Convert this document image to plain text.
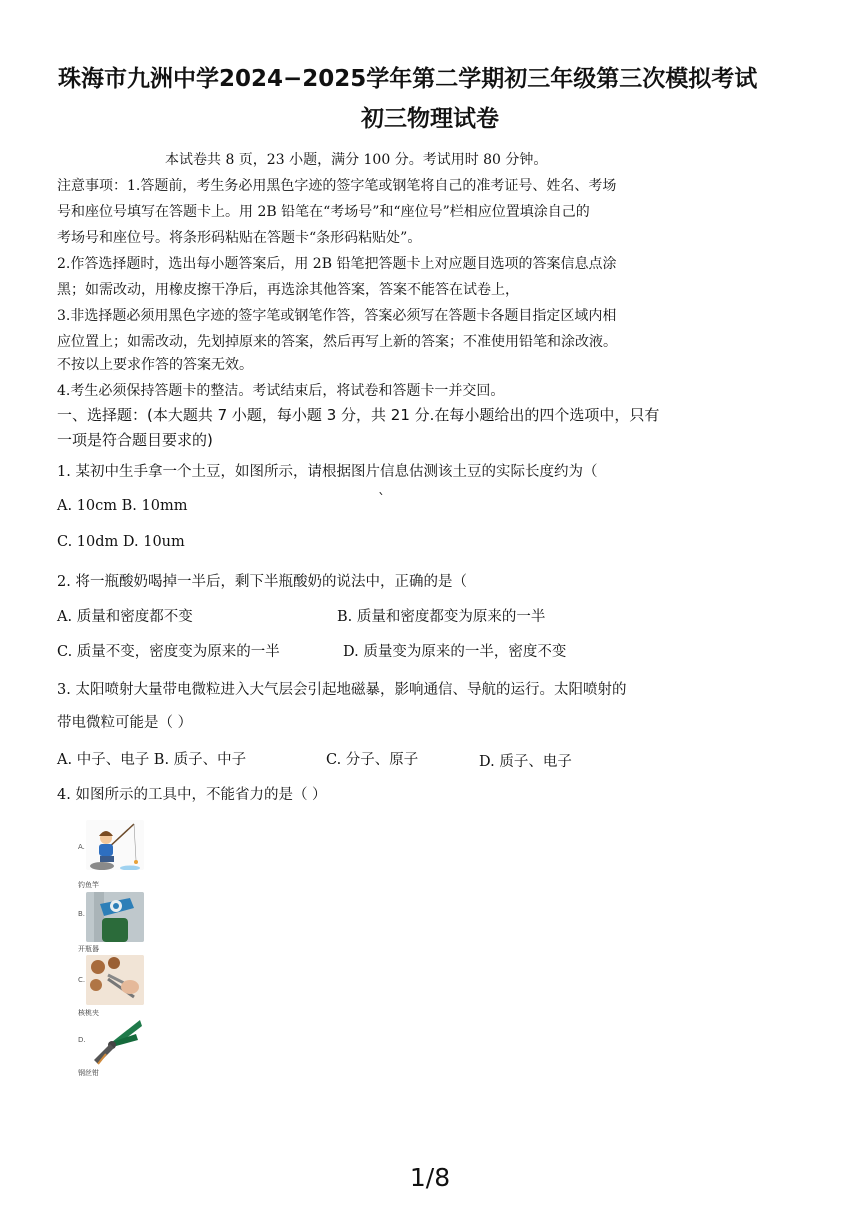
珠海市九洲中学2024−2025学年第二学期初三年级第三次模拟考试
初三物理试卷
本试卷共 8 页，23 小题，满分 100 分。考试用时 80 分钟。
注意事项：1.答题前，考生务必用黑色字迹的签字笔或钢笔将自己的准考证号、姓名、考场
号和座位号填写在答题卡上。用 2B 铅笔在“考场号”和“座位号”栏相应位置填涂自己的
考场号和座位号。将条形码粘贴在答题卡“条形码粘贴处”。
2.作答选择题时，选出每小题答案后，用 2B 铅笔把答题卡上对应题目选项的答案信息点涂
黑；如需改动，用橡皮擦干净后，再选涂其他答案，答案不能答在试卷上，
3.非选择题必须用黑色字迹的签字笔或钢笔作答，答案必须写在答题卡各题目指定区域内相
应位置上；如需改动，先划掉原来的答案，然后再写上新的答案；不准使用铅笔和涂改液。
不按以上要求作答的答案无效。
4.考生必须保持答题卡的整洁。考试结束后，将试卷和答题卡一并交回。
一、选择题：(本大题共 7 小题，每小题 3 分，共 21 分.在每小题给出的四个选项中，只有
一项是符合题目要求的)
1. 某初中生手拿一个土豆，如图所示，请根据图片信息估测该土豆的实际长度约为（
`
A. 10cm B. 10mm
C. 10dm D. 10um
2. 将一瓶酸奶喝掉一半后，剩下半瓶酸奶的说法中，正确的是（
A. 质量和密度都不变	B. 质量和密度都变为原来的一半
C. 质量不变，密度变为原来的一半	D. 质量变为原来的一半，密度不变
3. 太阳喷射大量带电微粒进入大气层会引起地磁暴，影响通信、导航的运行。太阳喷射的
带电微粒可能是（ ）
A. 中子、电子 B. 质子、中子	C. 分子、原子	D. 质子、电子
4. 如图所示的工具中，不能省力的是（ ）
A.
钓鱼竿
B.
开瓶器
C.
核桃夹
D.
钢丝钳
1/8
